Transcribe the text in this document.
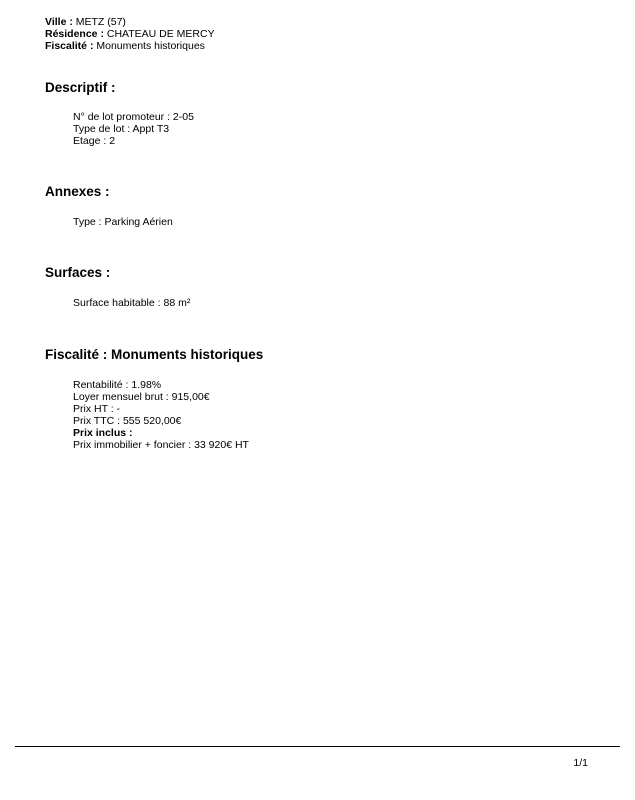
Ville : METZ (57)
Résidence : CHATEAU DE MERCY
Fiscalité : Monuments historiques
Descriptif :
N° de lot promoteur : 2-05
Type de lot : Appt T3
Etage : 2
Annexes :
Type : Parking Aérien
Surfaces :
Surface habitable : 88 m²
Fiscalité : Monuments historiques
Rentabilité : 1.98%
Loyer mensuel brut : 915,00€
Prix HT : -
Prix TTC : 555 520,00€
Prix inclus :
Prix immobilier + foncier : 33 920€ HT
1/1
